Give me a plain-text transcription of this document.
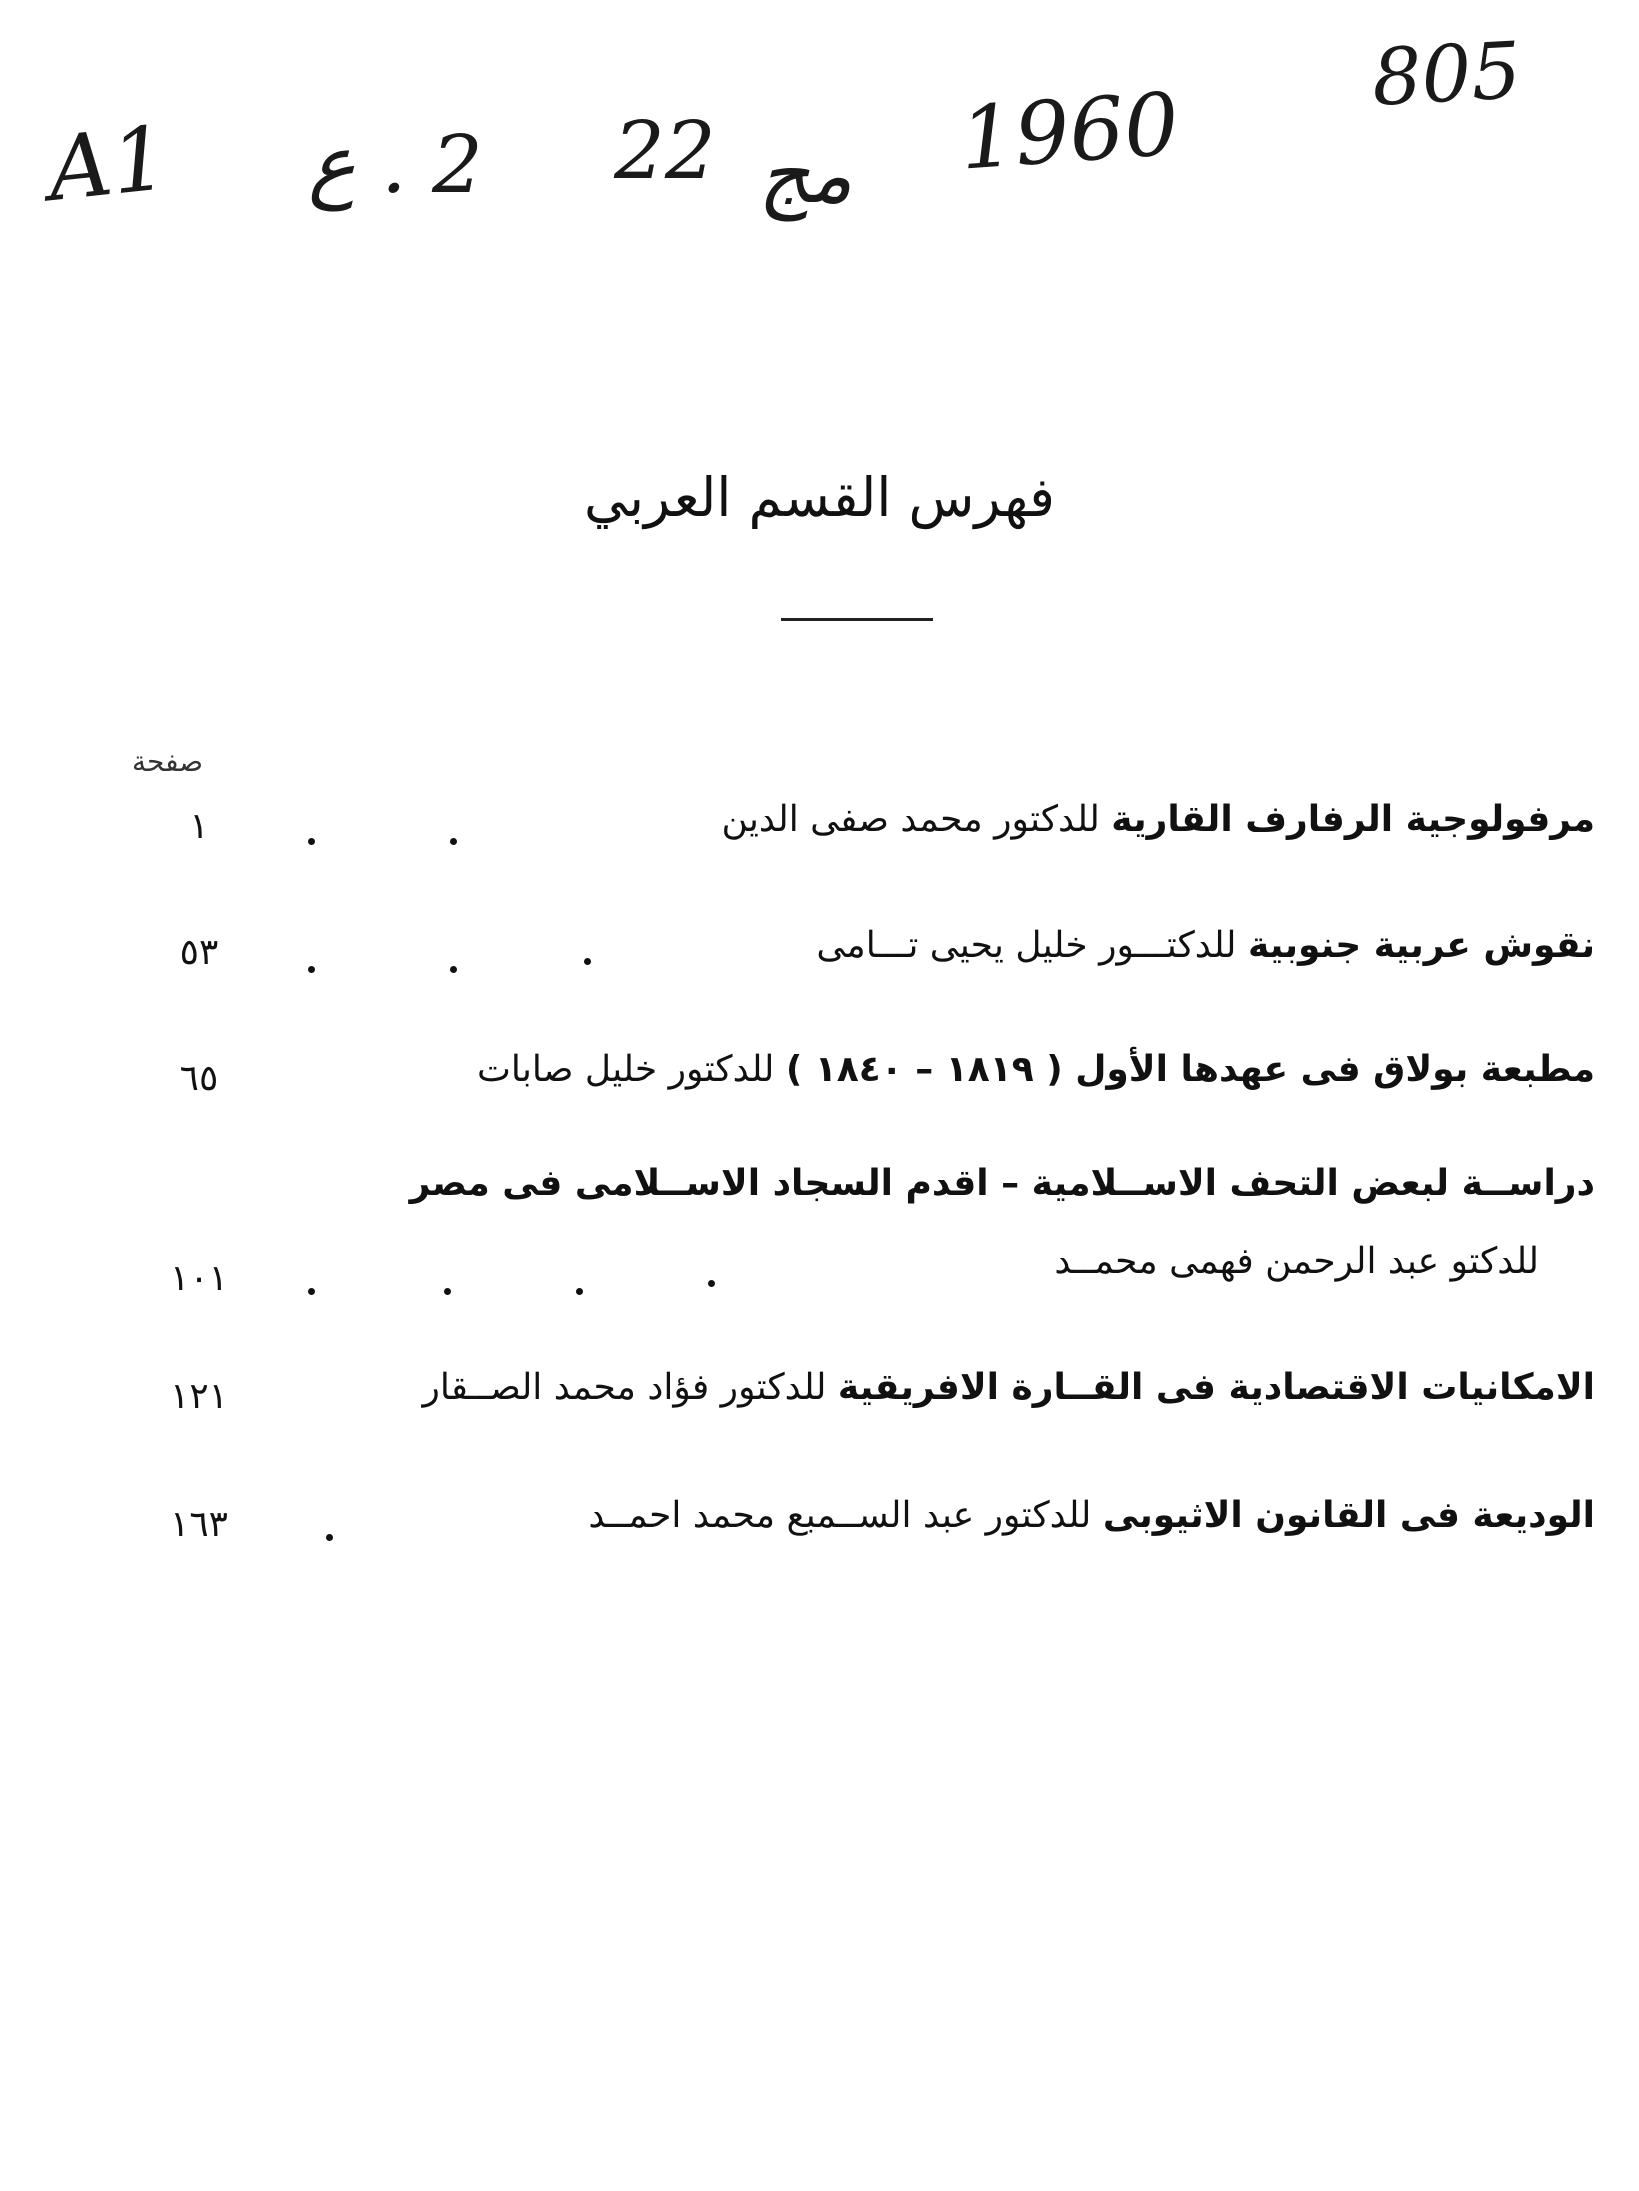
A1 2 . ع 22 مج 1960 805
فهرس القسم العربي
صفحة
مرفولوجية الرفارف القارية للدكتور محمد صفى الدين
١
نقوش عربية جنوبية للدكتـــور خليل يحيى تـــامى
٥٣
مطبعة بولاق فى عهدها الأول ( ١٨١٩ – ١٨٤٠ ) للدكتور خليل صابات
٦٥
دراســة لبعض التحف الاســلامية – اقدم السجاد الاســلامى فى مصر
للدكتو عبد الرحمن فهمى محمــد
١٠١
الامكانيات الاقتصادية فى القــارة الافريقية للدكتور فؤاد محمد الصــقار
١٢١
الوديعة فى القانون الاثيوبى للدكتور عبد الســمبع محمد احمــد
١٦٣
